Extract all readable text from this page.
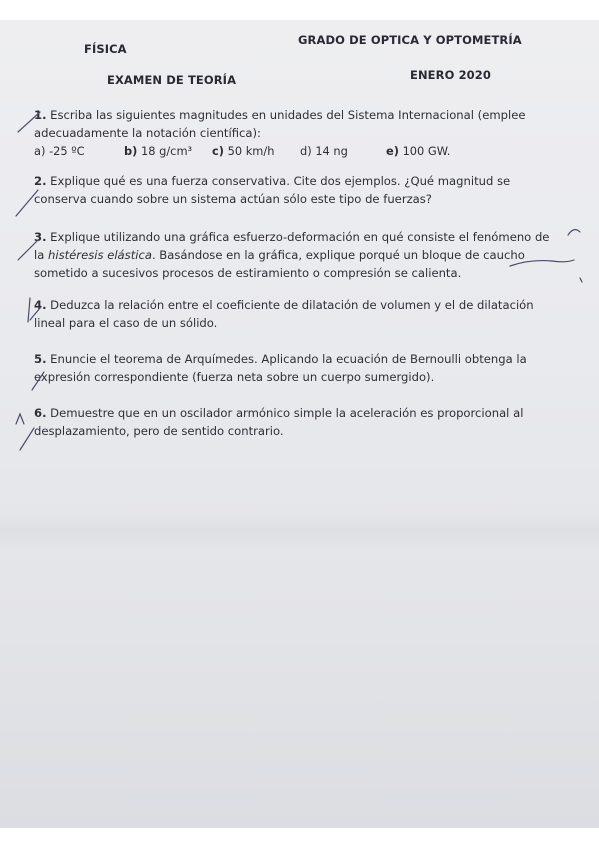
FÍSICA
GRADO DE OPTICA Y OPTOMETRÍA
EXAMEN DE TEORÍA	ENERO 2020
1. Escriba las siguientes magnitudes en unidades del Sistema Internacional (emplee
adecuadamente la notación científica):
a) -25 ºC	b) 18 g/cm³	c) 50 km/h	d) 14 ng	e) 100 GW.
2. Explique qué es una fuerza conservativa. Cite dos ejemplos. ¿Qué magnitud se
conserva cuando sobre un sistema actúan sólo este tipo de fuerzas?
3. Explique utilizando una gráfica esfuerzo-deformación en qué consiste el fenómeno de
la histéresis elástica. Basándose en la gráfica, explique porqué un bloque de caucho
sometido a sucesivos procesos de estiramiento o compresión se calienta.
4. Deduzca la relación entre el coeficiente de dilatación de volumen y el de dilatación
lineal para el caso de un sólido.
5. Enuncie el teorema de Arquímedes. Aplicando la ecuación de Bernoulli obtenga la
expresión correspondiente (fuerza neta sobre un cuerpo sumergido).
6. Demuestre que en un oscilador armónico simple la aceleración es proporcional al
desplazamiento, pero de sentido contrario.
